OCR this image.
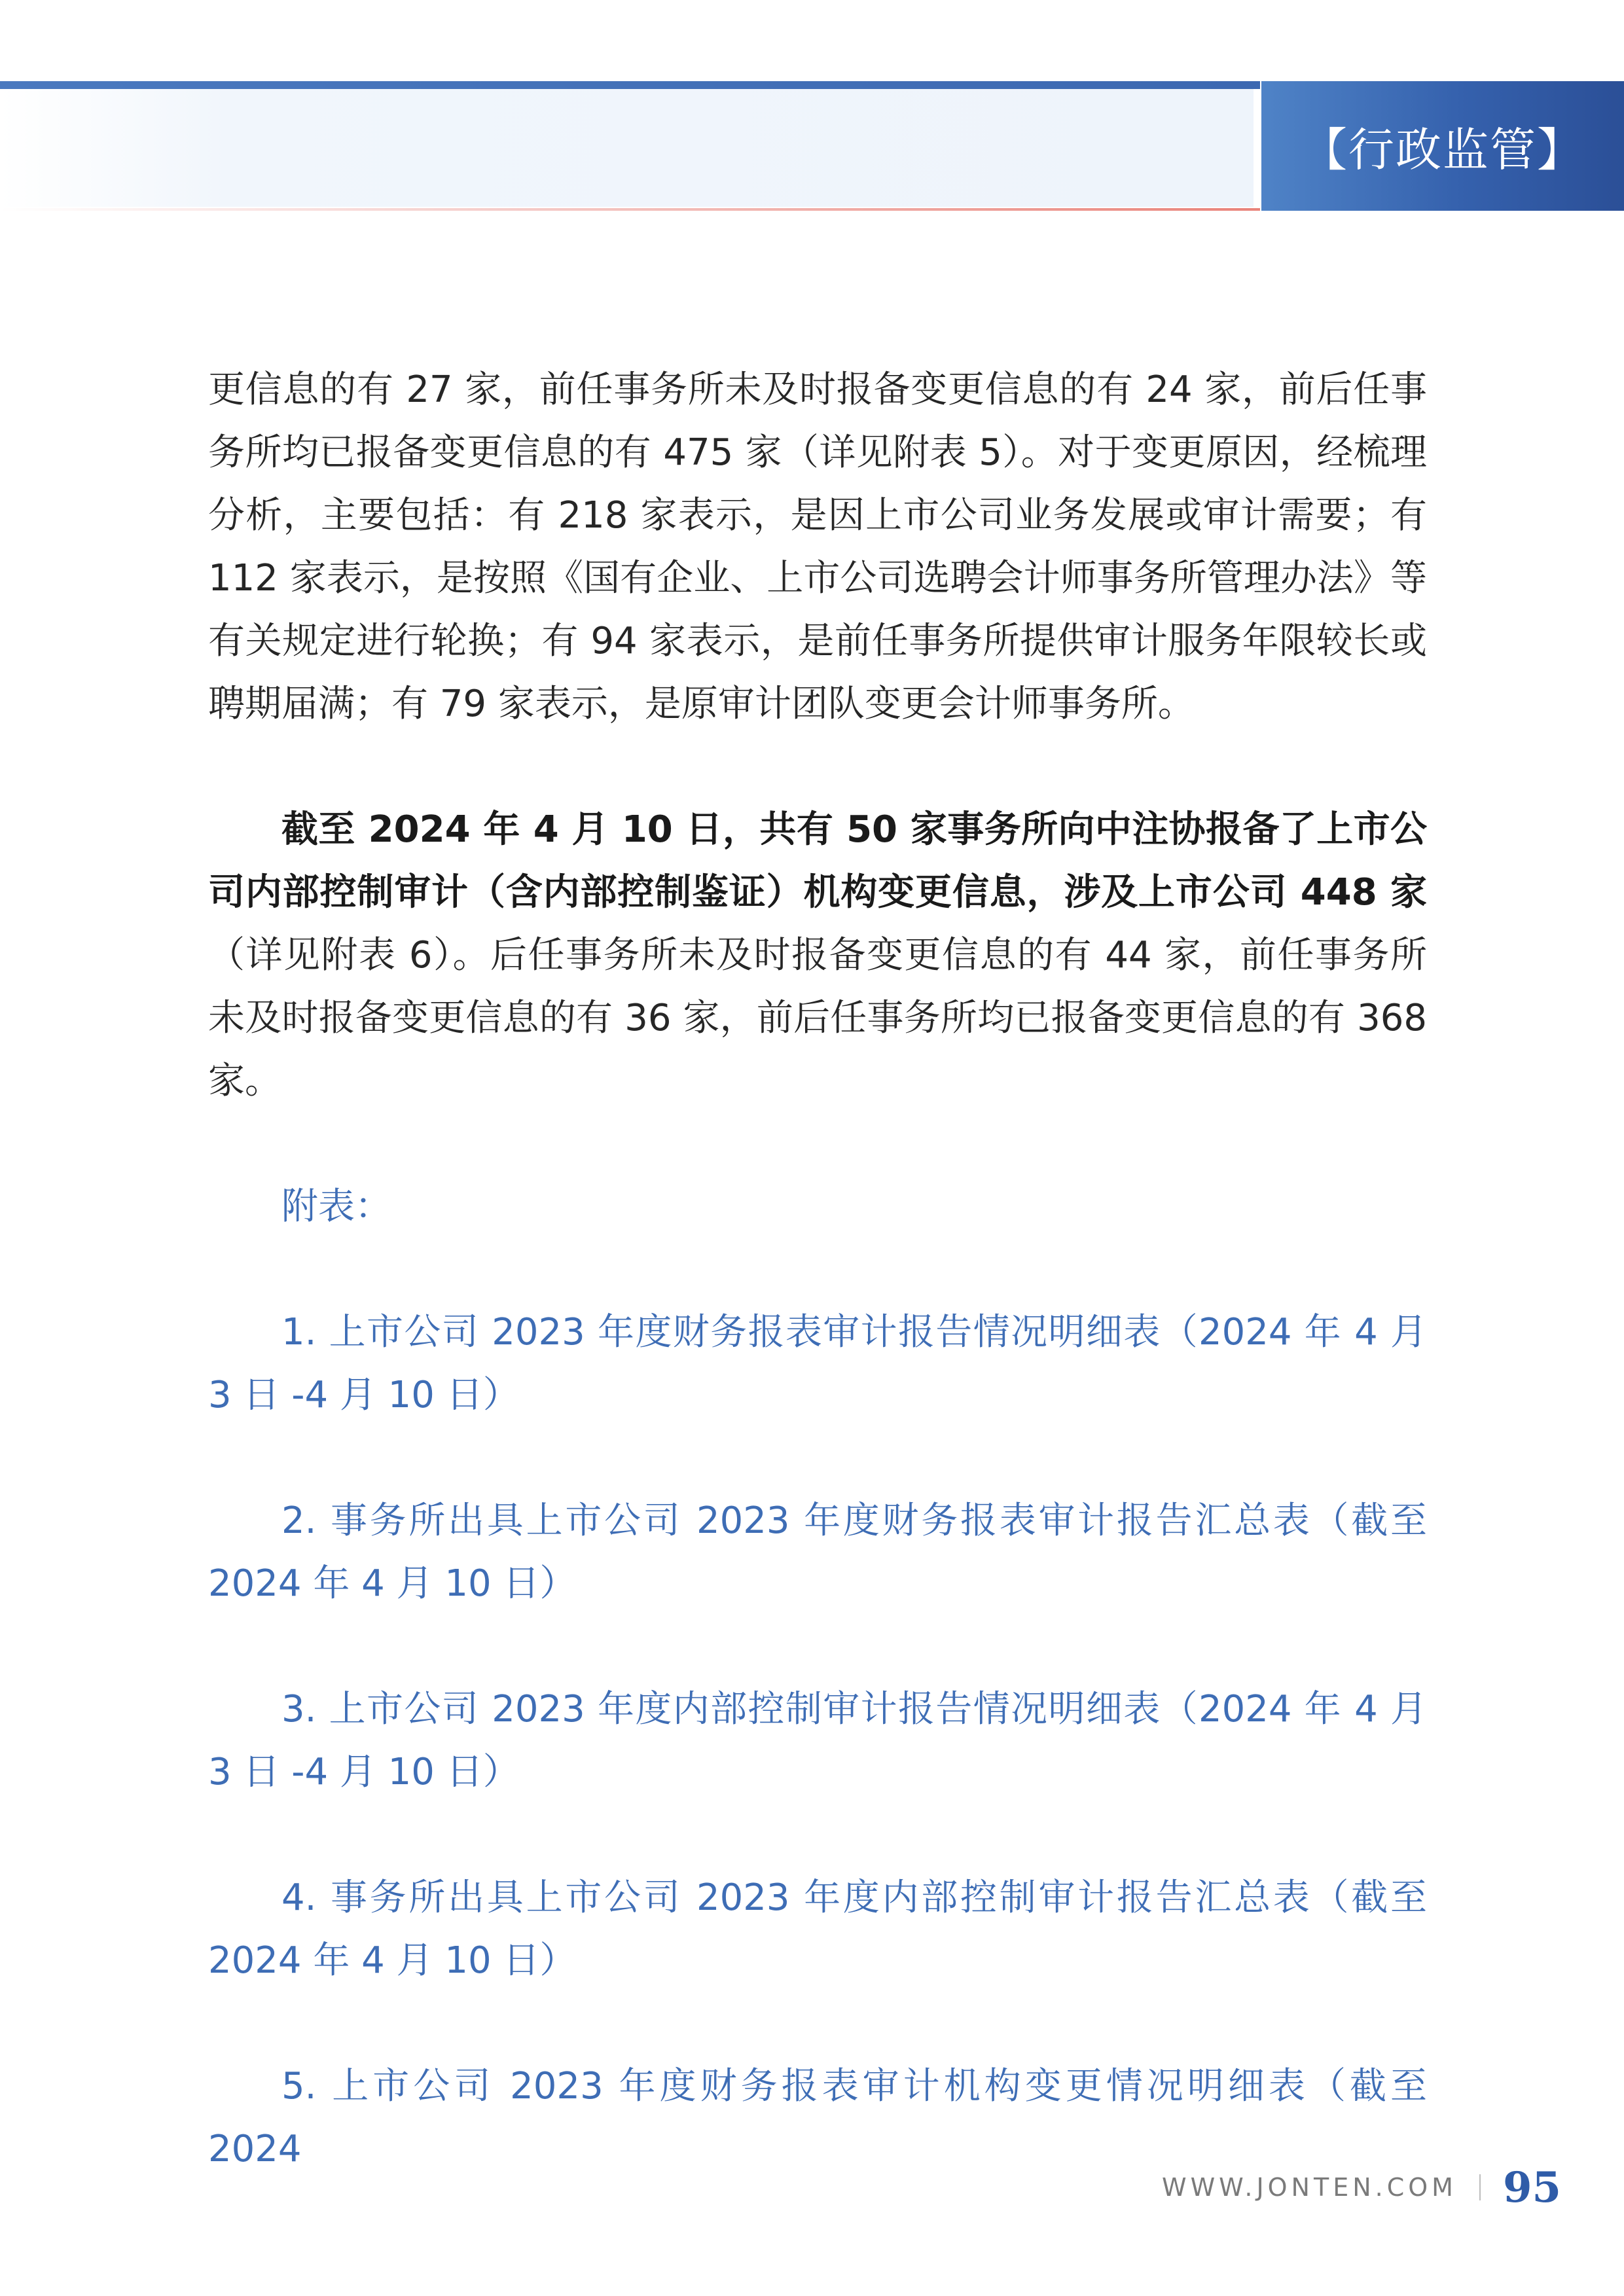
【行政监管】

更信息的有 27 家，前任事务所未及时报备变更信息的有 24 家，前后任事务所均已报备变更信息的有 475 家（详见附表 5）。对于变更原因，经梳理分析，主要包括：有 218 家表示，是因上市公司业务发展或审计需要；有 112 家表示，是按照《国有企业、上市公司选聘会计师事务所管理办法》等有关规定进行轮换；有 94 家表示，是前任事务所提供审计服务年限较长或聘期届满；有 79 家表示，是原审计团队变更会计师事务所。

截至 2024 年 4 月 10 日，共有 50 家事务所向中注协报备了上市公司内部控制审计（含内部控制鉴证）机构变更信息，涉及上市公司 448 家（详见附表 6）。后任事务所未及时报备变更信息的有 44 家，前任事务所未及时报备变更信息的有 36 家，前后任事务所均已报备变更信息的有 368 家。

附表：

1. 上市公司 2023 年度财务报表审计报告情况明细表（2024 年 4 月 3 日 -4 月 10 日）

2. 事务所出具上市公司 2023 年度财务报表审计报告汇总表（截至 2024 年 4 月 10 日）

3. 上市公司 2023 年度内部控制审计报告情况明细表（2024 年 4 月 3 日 -4 月 10 日）

4. 事务所出具上市公司 2023 年度内部控制审计报告汇总表（截至 2024 年 4 月 10 日）

5. 上市公司 2023 年度财务报表审计机构变更情况明细表（截至 2024

WWW.JONTEN.COM 95
